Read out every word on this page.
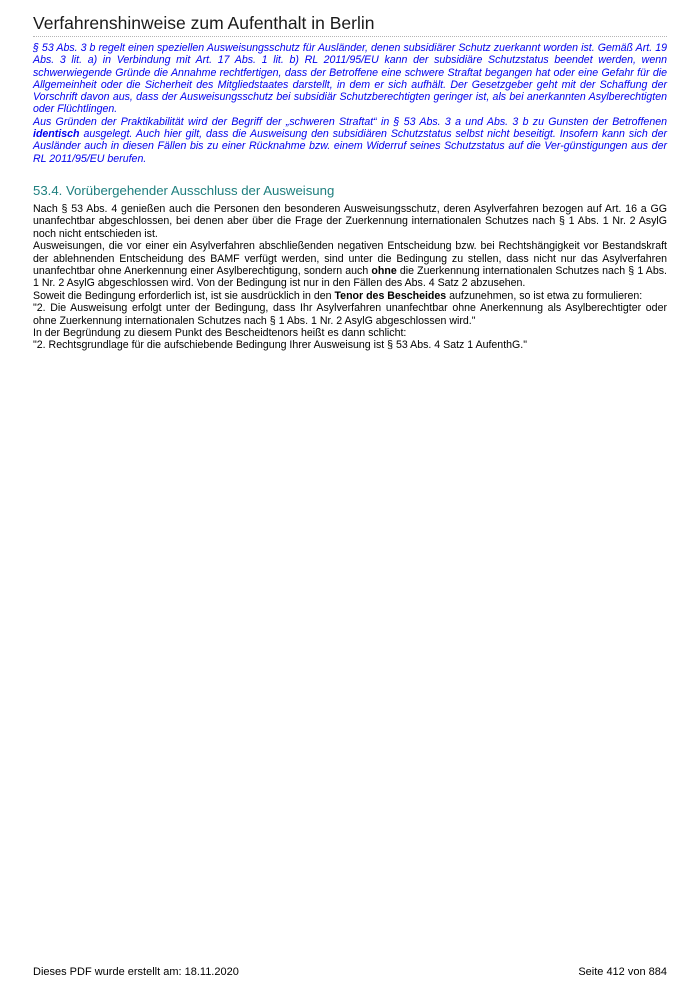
Verfahrenshinweise zum Aufenthalt in Berlin

§ 53 Abs. 3 b regelt einen speziellen Ausweisungsschutz für Ausländer, denen subsidiärer Schutz zuerkannt worden ist. Gemäß Art. 19 Abs. 3 lit. a) in Verbindung mit Art. 17 Abs. 1 lit. b) RL 2011/95/EU kann der subsidiäre Schutzstatus beendet werden, wenn schwerwiegende Gründe die Annahme rechtfertigen, dass der Betroffene eine schwere Straftat begangen hat oder eine Gefahr für die Allgemeinheit oder die Sicherheit des Mitgliedstaates darstellt, in dem er sich aufhält. Der Gesetzgeber geht mit der Schaffung der Vorschrift davon aus, dass der Ausweisungsschutz bei subsidiär Schutzberechtigten geringer ist, als bei anerkannten Asylberechtigten oder Flüchtlingen.

Aus Gründen der Praktikabilität wird der Begriff der „schweren Straftat“ in § 53 Abs. 3 a und Abs. 3 b zu Gunsten der Betroffenen identisch ausgelegt. Auch hier gilt, dass die Ausweisung den subsidiären Schutzstatus selbst nicht beseitigt. Insofern kann sich der Ausländer auch in diesen Fällen bis zu einer Rücknahme bzw. einem Widerruf seines Schutzstatus auf die Ver-günstigungen aus der RL 2011/95/EU berufen.

53.4. Vorübergehender Ausschluss der Ausweisung

Nach § 53 Abs. 4 genießen auch die Personen den besonderen Ausweisungsschutz, deren Asylverfahren bezogen auf Art. 16 a GG unanfechtbar abgeschlossen, bei denen aber über die Frage der Zuerkennung internationalen Schutzes nach § 1 Abs. 1 Nr. 2 AsylG noch nicht entschieden ist.

Ausweisungen, die vor einer ein Asylverfahren abschließenden negativen Entscheidung bzw. bei Rechtshängigkeit vor Bestandskraft der ablehnenden Entscheidung des BAMF verfügt werden, sind unter die Bedingung zu stellen, dass nicht nur das Asylverfahren unanfechtbar ohne Anerkennung einer Asylberechtigung, sondern auch ohne die Zuerkennung internationalen Schutzes nach § 1 Abs. 1 Nr. 2 AsylG abgeschlossen wird. Von der Bedingung ist nur in den Fällen des Abs. 4 Satz 2 abzusehen.

Soweit die Bedingung erforderlich ist, ist sie ausdrücklich in den Tenor des Bescheides aufzunehmen, so ist etwa zu formulieren:

"2. Die Ausweisung erfolgt unter der Bedingung, dass Ihr Asylverfahren unanfechtbar ohne Anerkennung als Asylberechtigter oder ohne Zuerkennung internationalen Schutzes nach § 1 Abs. 1 Nr. 2 AsylG abgeschlossen wird."

In der Begründung zu diesem Punkt des Bescheidtenors heißt es dann schlicht:

"2. Rechtsgrundlage für die aufschiebende Bedingung Ihrer Ausweisung ist § 53 Abs. 4 Satz 1 AufenthG."

Dieses PDF wurde erstellt am: 18.11.2020	Seite 412 von 884
